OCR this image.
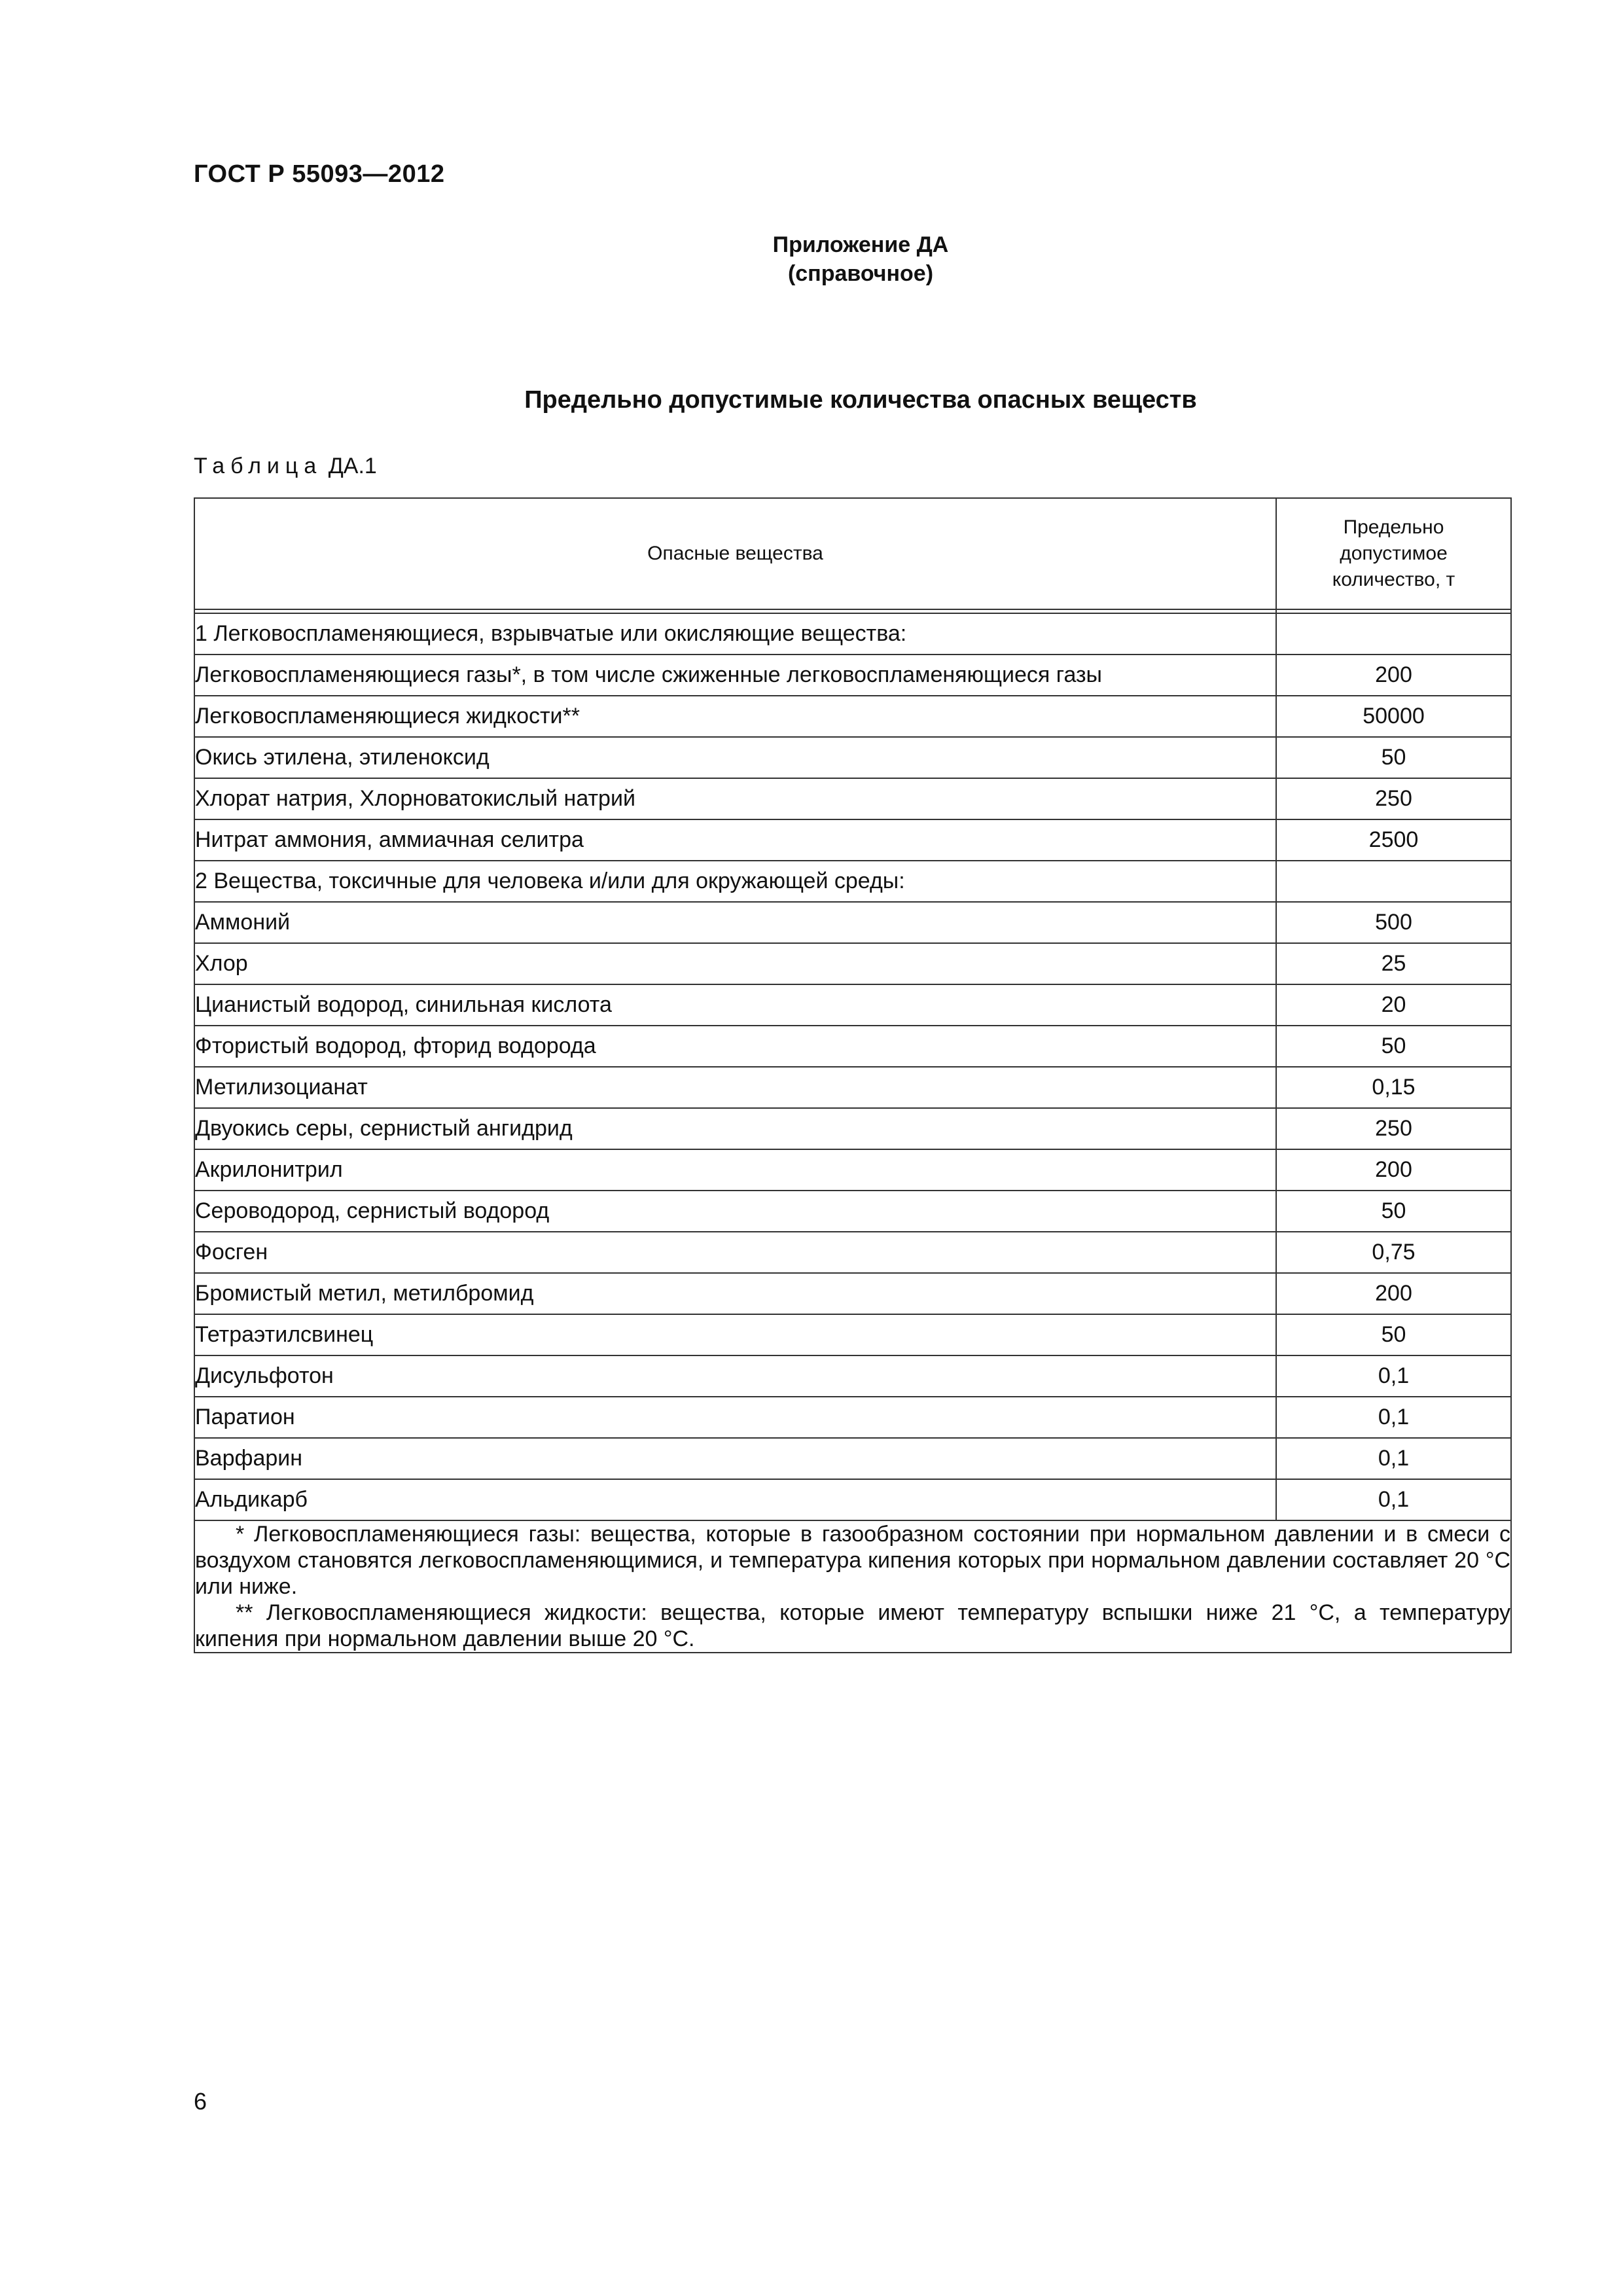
ГОСТ Р 55093—2012
Приложение ДА
(справочное)
Предельно допустимые количества опасных веществ
Таблица ДА.1
Опасные вещества	Предельно
допустимое
количество, т

1 Легковоспламеняющиеся, взрывчатые или окисляющие вещества:	
Легковоспламеняющиеся газы*, в том числе сжиженные легковоспламеняющиеся газы	200
Легковоспламеняющиеся жидкости**	50000
Окись этилена, этиленоксид	50
Хлорат натрия, Хлорноватокислый натрий	250
Нитрат аммония, аммиачная селитра	2500
2 Вещества, токсичные для человека и/или для окружающей среды:	
Аммоний	500
Хлор	25
Цианистый водород, синильная кислота	20
Фтористый водород, фторид водорода	50
Метилизоцианат	0,15
Двуокись серы, сернистый ангидрид	250
Акрилонитрил	200
Сероводород, сернистый водород	50
Фосген	0,75
Бромистый метил, метилбромид	200
Тетраэтилсвинец	50
Дисульфотон	0,1
Паратион	0,1
Варфарин	0,1
Альдикарб	0,1

* Легковоспламеняющиеся газы: вещества, которые в газообразном состоянии при нормальном давлении и в смеси с воздухом становятся легковоспламеняющимися, и температура кипения которых при нормальном давлении составляет 20 °С или ниже.

** Легковоспламеняющиеся жидкости: вещества, которые имеют температуру вспышки ниже 21 °С, а температуру кипения при нормальном давлении выше 20 °С.	

6
